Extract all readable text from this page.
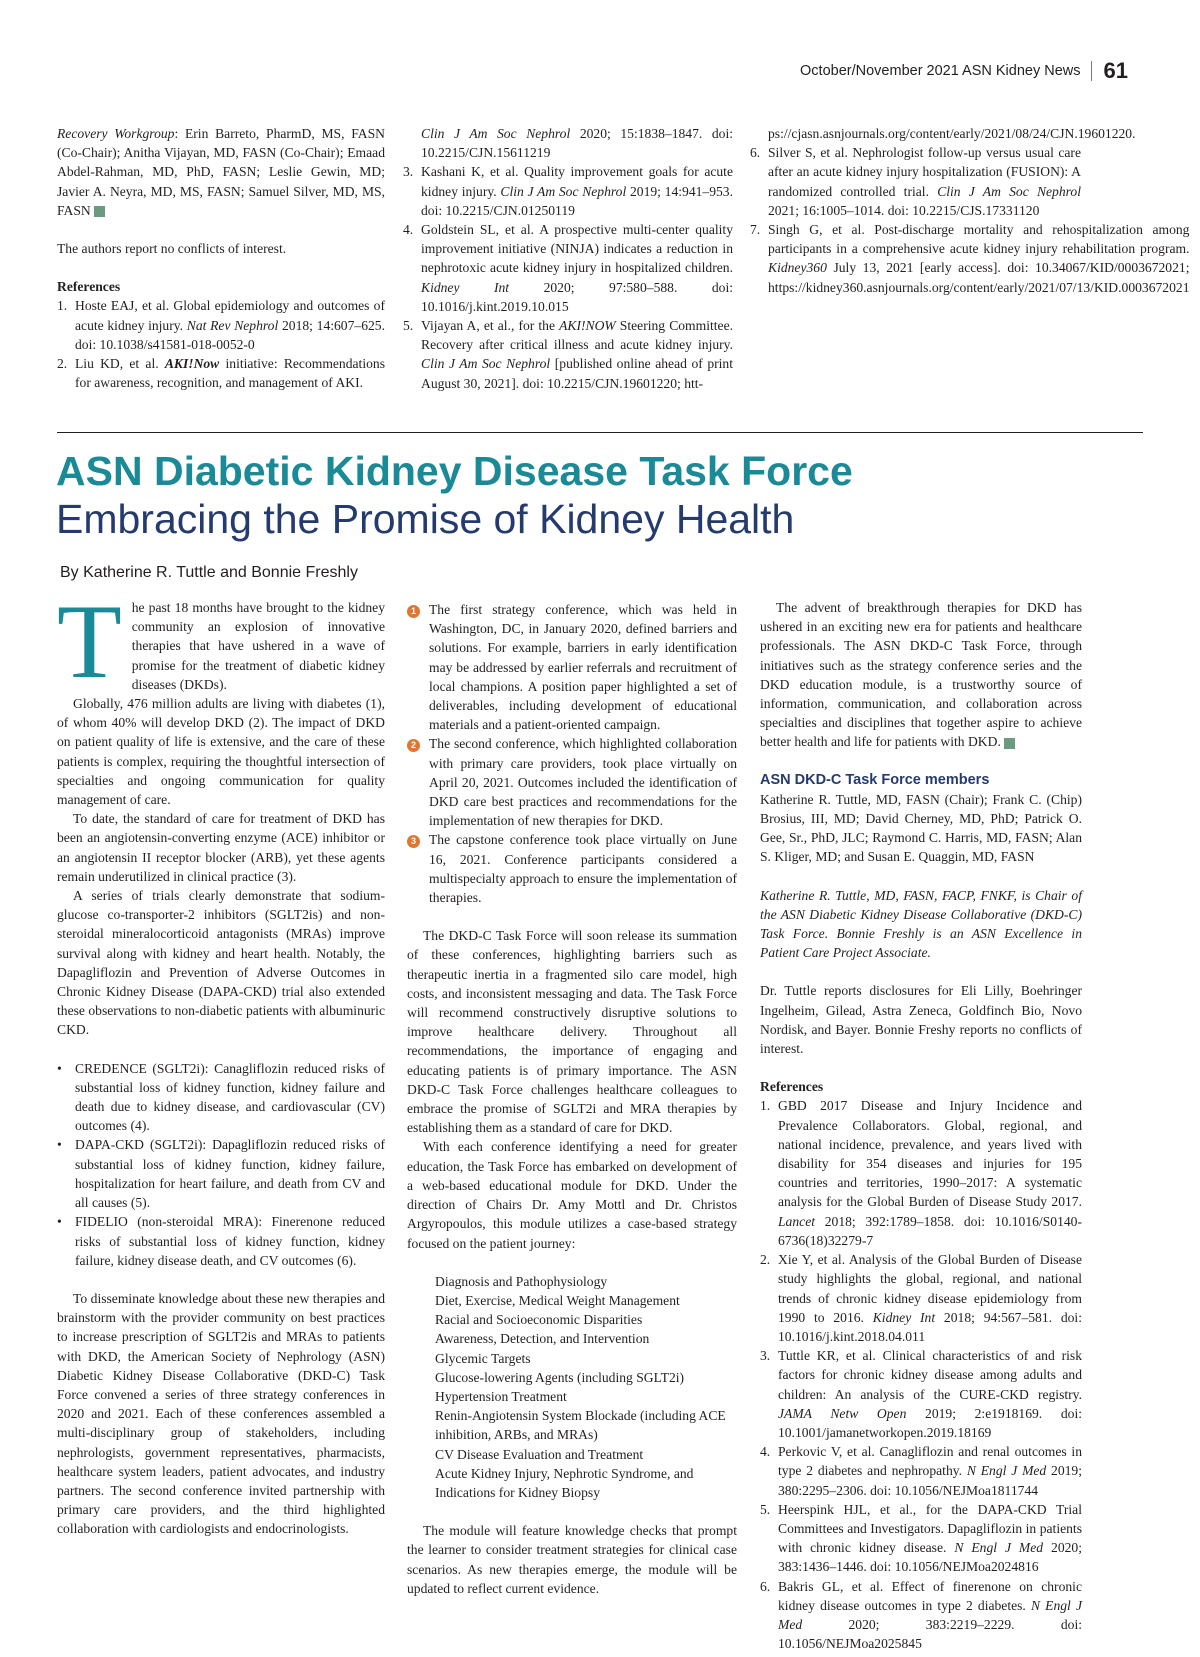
October/November 2021 ASN Kidney News 61

Recovery Workgroup: Erin Barreto, PharmD, MS, FASN (Co-Chair); Anitha Vijayan, MD, FASN (Co-Chair); Emaad Abdel-Rahman, MD, PhD, FASN; Leslie Gewin, MD; Javier A. Neyra, MD, MS, FASN; Samuel Silver, MD, MS, FASN

The authors report no conflicts of interest.

References

1. Hoste EAJ, et al. Global epidemiology and outcomes of acute kidney injury. Nat Rev Nephrol 2018; 14:607–625. doi: 10.1038/s41581-018-0052-0
2. Liu KD, et al. AKI!Now initiative: Recommendations for awareness, recognition, and management of AKI.
Clin J Am Soc Nephrol 2020; 15:1838–1847. doi: 10.2215/CJN.15611219
3. Kashani K, et al. Quality improvement goals for acute kidney injury. Clin J Am Soc Nephrol 2019; 14:941–953. doi: 10.2215/CJN.01250119
4. Goldstein SL, et al. A prospective multi-center quality improvement initiative (NINJA) indicates a reduction in nephrotoxic acute kidney injury in hospitalized children. Kidney Int 2020; 97:580–588. doi: 10.1016/j.kint.2019.10.015
5. Vijayan A, et al., for the AKI!NOW Steering Committee. Recovery after critical illness and acute kidney injury. Clin J Am Soc Nephrol [published online ahead of print August 30, 2021]. doi: 10.2215/CJN.19601220; htt-
ps://cjasn.asnjournals.org/content/early/2021/08/24/CJN.19601220.
6. Silver S, et al. Nephrologist follow-up versus usual care after an acute kidney injury hospitalization (FUSION): A randomized controlled trial. Clin J Am Soc Nephrol 2021; 16:1005–1014. doi: 10.2215/CJS.17331120
7. Singh G, et al. Post-discharge mortality and rehospitalization among participants in a comprehensive acute kidney injury rehabilitation program. Kidney360 July 13, 2021 [early access]. doi: 10.34067/KID/0003672021; https://kidney360.asnjournals.org/content/early/2021/07/13/KID.0003672021
ASN Diabetic Kidney Disease Task Force
Embracing the Promise of Kidney Health
By Katherine R. Tuttle and Bonnie Freshly

The past 18 months have brought to the kidney community an explosion of innovative therapies that have ushered in a wave of promise for the treatment of diabetic kidney diseases (DKDs).

Globally, 476 million adults are living with diabetes (1), of whom 40% will develop DKD (2). The impact of DKD on patient quality of life is extensive, and the care of these patients is complex, requiring the thoughtful intersection of specialties and ongoing communication for quality management of care.

To date, the standard of care for treatment of DKD has been an angiotensin-converting enzyme (ACE) inhibitor or an angiotensin II receptor blocker (ARB), yet these agents remain underutilized in clinical practice (3).

A series of trials clearly demonstrate that sodium-glucose co-transporter-2 inhibitors (SGLT2is) and non-steroidal mineralocorticoid antagonists (MRAs) improve survival along with kidney and heart health. Notably, the Dapagliflozin and Prevention of Adverse Outcomes in Chronic Kidney Disease (DAPA-CKD) trial also extended these observations to non-diabetic patients with albuminuric CKD.

• CREDENCE (SGLT2i): Canagliflozin reduced risks of substantial loss of kidney function, kidney failure and death due to kidney disease, and cardiovascular (CV) outcomes (4).
• DAPA-CKD (SGLT2i): Dapagliflozin reduced risks of substantial loss of kidney function, kidney failure, hospitalization for heart failure, and death from CV and all causes (5).
• FIDELIO (non-steroidal MRA): Finerenone reduced risks of substantial loss of kidney function, kidney failure, kidney disease death, and CV outcomes (6).

To disseminate knowledge about these new therapies and brainstorm with the provider community on best practices to increase prescription of SGLT2is and MRAs to patients with DKD, the American Society of Nephrology (ASN) Diabetic Kidney Disease Collaborative (DKD-C) Task Force convened a series of three strategy conferences in 2020 and 2021. Each of these conferences assembled a multi-disciplinary group of stakeholders, including nephrologists, government representatives, pharmacists, healthcare system leaders, patient advocates, and industry partners. The second conference invited partnership with primary care providers, and the third highlighted collaboration with cardiologists and endocrinologists.

1 The first strategy conference, which was held in Washington, DC, in January 2020, defined barriers and solutions. For example, barriers in early identification may be addressed by earlier referrals and recruitment of local champions. A position paper highlighted a set of deliverables, including development of educational materials and a patient-oriented campaign.
2 The second conference, which highlighted collaboration with primary care providers, took place virtually on April 20, 2021. Outcomes included the identification of DKD care best practices and recommendations for the implementation of new therapies for DKD.
3 The capstone conference took place virtually on June 16, 2021. Conference participants considered a multispecialty approach to ensure the implementation of therapies.

The DKD-C Task Force will soon release its summation of these conferences, highlighting barriers such as therapeutic inertia in a fragmented silo care model, high costs, and inconsistent messaging and data. The Task Force will recommend constructively disruptive solutions to improve healthcare delivery. Throughout all recommendations, the importance of engaging and educating patients is of primary importance. The ASN DKD-C Task Force challenges healthcare colleagues to embrace the promise of SGLT2i and MRA therapies by establishing them as a standard of care for DKD.

With each conference identifying a need for greater education, the Task Force has embarked on development of a web-based educational module for DKD. Under the direction of Chairs Dr. Amy Mottl and Dr. Christos Argyropoulos, this module utilizes a case-based strategy focused on the patient journey:

Diagnosis and Pathophysiology
Diet, Exercise, Medical Weight Management
Racial and Socioeconomic Disparities
Awareness, Detection, and Intervention
Glycemic Targets
Glucose-lowering Agents (including SGLT2i)
Hypertension Treatment
Renin-Angiotensin System Blockade (including ACE inhibition, ARBs, and MRAs)
CV Disease Evaluation and Treatment
Acute Kidney Injury, Nephrotic Syndrome, and Indications for Kidney Biopsy

The module will feature knowledge checks that prompt the learner to consider treatment strategies for clinical case scenarios. As new therapies emerge, the module will be updated to reflect current evidence.

The advent of breakthrough therapies for DKD has ushered in an exciting new era for patients and healthcare professionals. The ASN DKD-C Task Force, through initiatives such as the strategy conference series and the DKD education module, is a trustworthy source of information, communication, and collaboration across specialties and disciplines that together aspire to achieve better health and life for patients with DKD.

ASN DKD-C Task Force members

Katherine R. Tuttle, MD, FASN (Chair); Frank C. (Chip) Brosius, III, MD; David Cherney, MD, PhD; Patrick O. Gee, Sr., PhD, JLC; Raymond C. Harris, MD, FASN; Alan S. Kliger, MD; and Susan E. Quaggin, MD, FASN

Katherine R. Tuttle, MD, FASN, FACP, FNKF, is Chair of the ASN Diabetic Kidney Disease Collaborative (DKD-C) Task Force. Bonnie Freshly is an ASN Excellence in Patient Care Project Associate.

Dr. Tuttle reports disclosures for Eli Lilly, Boehringer Ingelheim, Gilead, Astra Zeneca, Goldfinch Bio, Novo Nordisk, and Bayer. Bonnie Freshy reports no conflicts of interest.

References

1. GBD 2017 Disease and Injury Incidence and Prevalence Collaborators. Global, regional, and national incidence, prevalence, and years lived with disability for 354 diseases and injuries for 195 countries and territories, 1990–2017: A systematic analysis for the Global Burden of Disease Study 2017. Lancet 2018; 392:1789–1858. doi: 10.1016/S0140-6736(18)32279-7
2. Xie Y, et al. Analysis of the Global Burden of Disease study highlights the global, regional, and national trends of chronic kidney disease epidemiology from 1990 to 2016. Kidney Int 2018; 94:567–581. doi: 10.1016/j.kint.2018.04.011
3. Tuttle KR, et al. Clinical characteristics of and risk factors for chronic kidney disease among adults and children: An analysis of the CURE-CKD registry. JAMA Netw Open 2019; 2:e1918169. doi: 10.1001/jamanetworkopen.2019.18169
4. Perkovic V, et al. Canagliflozin and renal outcomes in type 2 diabetes and nephropathy. N Engl J Med 2019; 380:2295–2306. doi: 10.1056/NEJMoa1811744
5. Heerspink HJL, et al., for the DAPA-CKD Trial Committees and Investigators. Dapagliflozin in patients with chronic kidney disease. N Engl J Med 2020; 383:1436–1446. doi: 10.1056/NEJMoa2024816
6. Bakris GL, et al. Effect of finerenone on chronic kidney disease outcomes in type 2 diabetes. N Engl J Med 2020; 383:2219–2229. doi: 10.1056/NEJMoa2025845
